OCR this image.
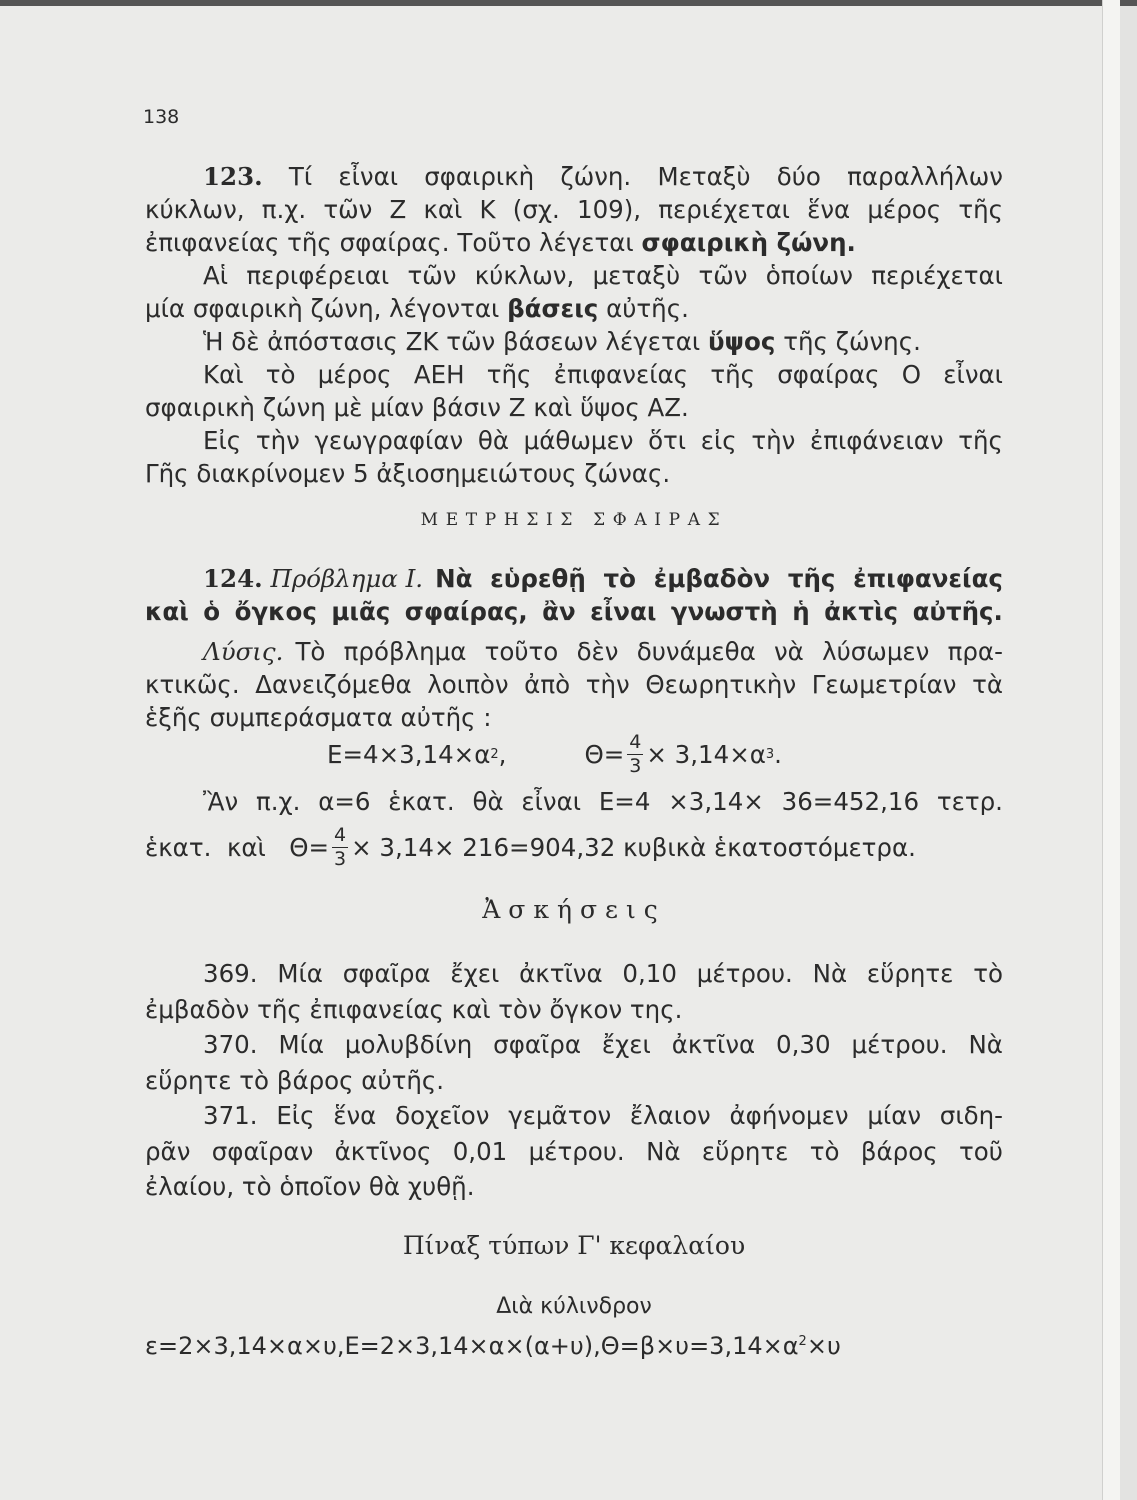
138
123. Τί εἶναι σφαιρικὴ ζώνη. Μεταξὺ δύο παραλλήλων
κύκλων, π.χ. τῶν Ζ καὶ Κ (σχ. 109), περιέχεται ἕνα μέρος τῆς
ἐπιφανείας τῆς σφαίρας. Τοῦτο λέγεται σφαιρικὴ ζώνη.
Αἱ περιφέρειαι τῶν κύκλων, μεταξὺ τῶν ὁποίων περιέχεται
μία σφαιρικὴ ζώνη, λέγονται βάσεις αὐτῆς.
Ἡ δὲ ἀπόστασις ΖΚ τῶν βάσεων λέγεται ὕψος τῆς ζώνης.
Καὶ τὸ μέρος ΑΕΗ τῆς ἐπιφανείας τῆς σφαίρας Ο εἶναι
σφαιρικὴ ζώνη μὲ μίαν βάσιν Ζ καὶ ὕψος ΑΖ.
Εἰς τὴν γεωγραφίαν θὰ μάθωμεν ὅτι εἰς τὴν ἐπιφάνειαν τῆς
Γῆς διακρίνομεν 5 ἀξιοσημειώτους ζώνας.
ΜΕΤΡΗΣΙΣ ΣΦΑΙΡΑΣ
124. Πρόβλημα Ι. Νὰ εὑρεθῇ τὸ ἐμβαδὸν τῆς ἐπιφανείας
καὶ ὁ ὄγκος μιᾶς σφαίρας, ἂν εἶναι γνωστὴ ἡ ἀκτὶς αὐτῆς.
Λύσις. Τὸ πρόβλημα τοῦτο δὲν δυνάμεθα νὰ λύσωμεν πρα-
κτικῶς. Δανειζόμεθα λοιπὸν ἀπὸ τὴν Θεωρητικὴν Γεωμετρίαν τὰ
ἑξῆς συμπεράσματα αὐτῆς :
Ε=4×3,14×α 2 ,	$\Theta= \frac{4}{3} \times 3,14\times\alpha$ 3 .
Ἂν π.χ. α=6 ἑκατ. θὰ εἶναι Ε=4 ×3,14× 36=452,16 τετρ.
ἑκατ.  καὶ   $\Theta= \frac{4}{3} \times 3,14\times 216=904,32$ κυβικὰ ἑκατοστόμετρα.
Ἀσκήσεις
369. Μία σφαῖρα ἔχει ἀκτῖνα 0,10 μέτρου. Νὰ εὕρητε τὸ
ἐμβαδὸν τῆς ἐπιφανείας καὶ τὸν ὄγκον της.
370. Μία μολυβδίνη σφαῖρα ἔχει ἀκτῖνα 0,30 μέτρου. Νὰ
εὕρητε τὸ βάρος αὐτῆς.
371. Εἰς ἕνα δοχεῖον γεμᾶτον ἔλαιον ἀφήνομεν μίαν σιδη-
ρᾶν σφαῖραν ἀκτῖνος 0,01 μέτρου. Νὰ εὕρητε τὸ βάρος τοῦ
ἐλαίου, τὸ ὁποῖον θὰ χυθῇ.
Πίναξ τύπων Γ' κεφαλαίου
Διὰ κύλινδρον
$\varepsilon=2\times 3,14\times\alpha\times\upsilon,E=2\times 3,14\times\alpha\times(\alpha+\upsilon),\Theta=\beta\times\upsilon=3,14\times\alpha^2\times\upsilon$
